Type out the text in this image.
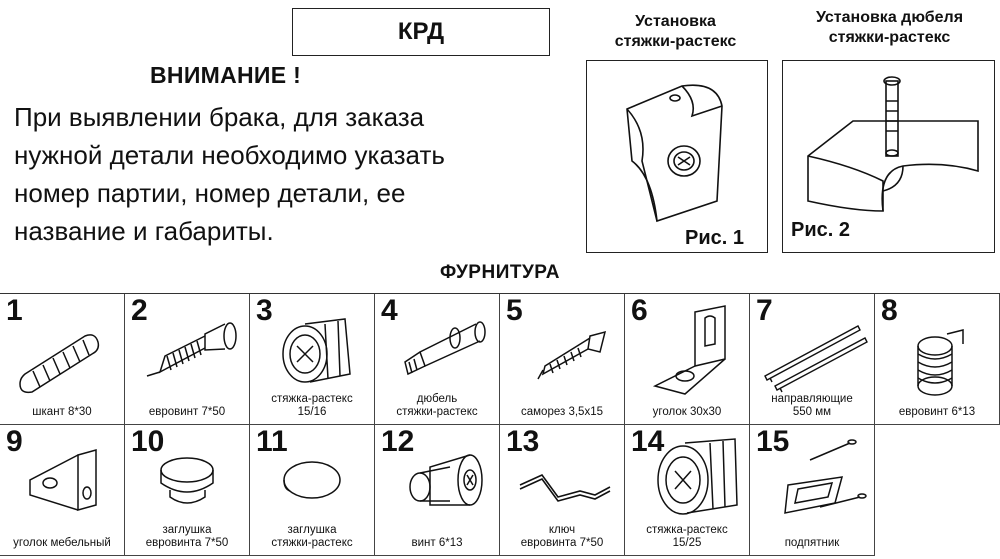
КРД
ВНИМАНИЕ !
При выявлении брака, для заказа
нужной детали необходимо указать
номер партии, номер детали, ее
название и габариты.
Установка
стяжки-растекс
Рис. 1
Установка дюбеля
стяжки-растекс
Рис. 2
ФУРНИТУРА
1
шкант 8*30
2
евровинт 7*50
3
стяжка-растекс
15/16
4
дюбель
стяжки-растекс
5
саморез 3,5х15
6
уголок 30х30
7
направляющие
550 мм
8
евровинт 6*13
9
уголок мебельный
10
заглушка
евровинта 7*50
11
заглушка
стяжки-растекс
12
винт 6*13
13
ключ
евровинта 7*50
14
стяжка-растекс
15/25
15
подпятник
